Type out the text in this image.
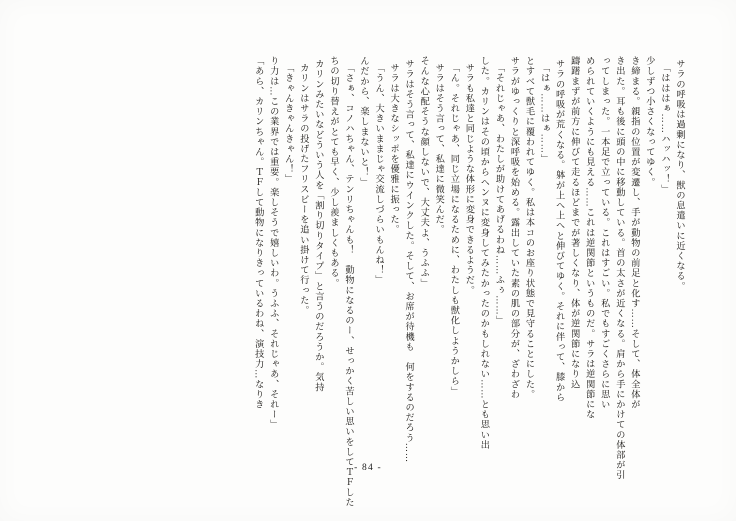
「あら、カリンちゃん。ＴＦして動物になりきっているわね、演技力…なりき り力は…この業界では重要。楽しそうで嬉しいわ。うふふ、それじゃあ、それー」 「きゃんきゃんきゃん！」 カリンはサラの投げたフリスビーを追い掛けて行った。 カリンみたいなどういう人を「割り切りタイプ」と言うのだろうか。気持 ちの切り替えがとても早く、少し羨ましくもある。 「さぁ、コノハちゃん、テンリちゃんも！　動物になるのー、せっかく苦しい思いをしてＴＦした んだから、楽しまないと！」 「うん、大きいままじゃ交流しづらいもんね！」 サラは大きなシッポを優雅に振った。 サラはそう言って、私達にウインクした。そして、お席が待機も　何をするのだろう…… そんな心配そうな顔しないで、大丈夫よ、うふふ」 サラはそう言って、私達に微笑んだ。 「ん。それじゃあ、同じ立場になるために、わたしも獣化しようかしら」 サラも私達と同じような体形に変身できるようだ。 した。カリンはその頃からヘンヌに変身してみたかったのかもしれない……とも思い出 「それじゃあ、わたしが助けてあげるわね……ふぅ……」 サラがゆっくりと深呼吸を始める。露出していた素の肌の部分が、ざわざわ とすべて獣毛に覆われてゆく。私は本コのお座り状態で見守ることにした。 「はぁ……はぁ……」 サラの呼吸が荒くなる。躰が上へ上へと伸びてゆく。それに伴って、膝から 躊躇まずが前方に伸びて走るほどまでが著しくなり、体が逆関節になり込 められていくようにも見える……これは逆関節というものだ。サラは逆関節にな ってしまった。一本足で立っている。これはすごい。私でもすごくさらに思い き出た。耳も後に頭の中に移動している。首の太さが近くなる。肩から手にかけての体部が引 き締まる。親指の位置が変遷し、手が動物の前足と化す……そして、体全体が 少しずつ小さくなってゆく。 「はははぁ……ハッハッ！」 サラの呼吸は過剰になり、獣の息遣いに近くなる。
- 84 -
